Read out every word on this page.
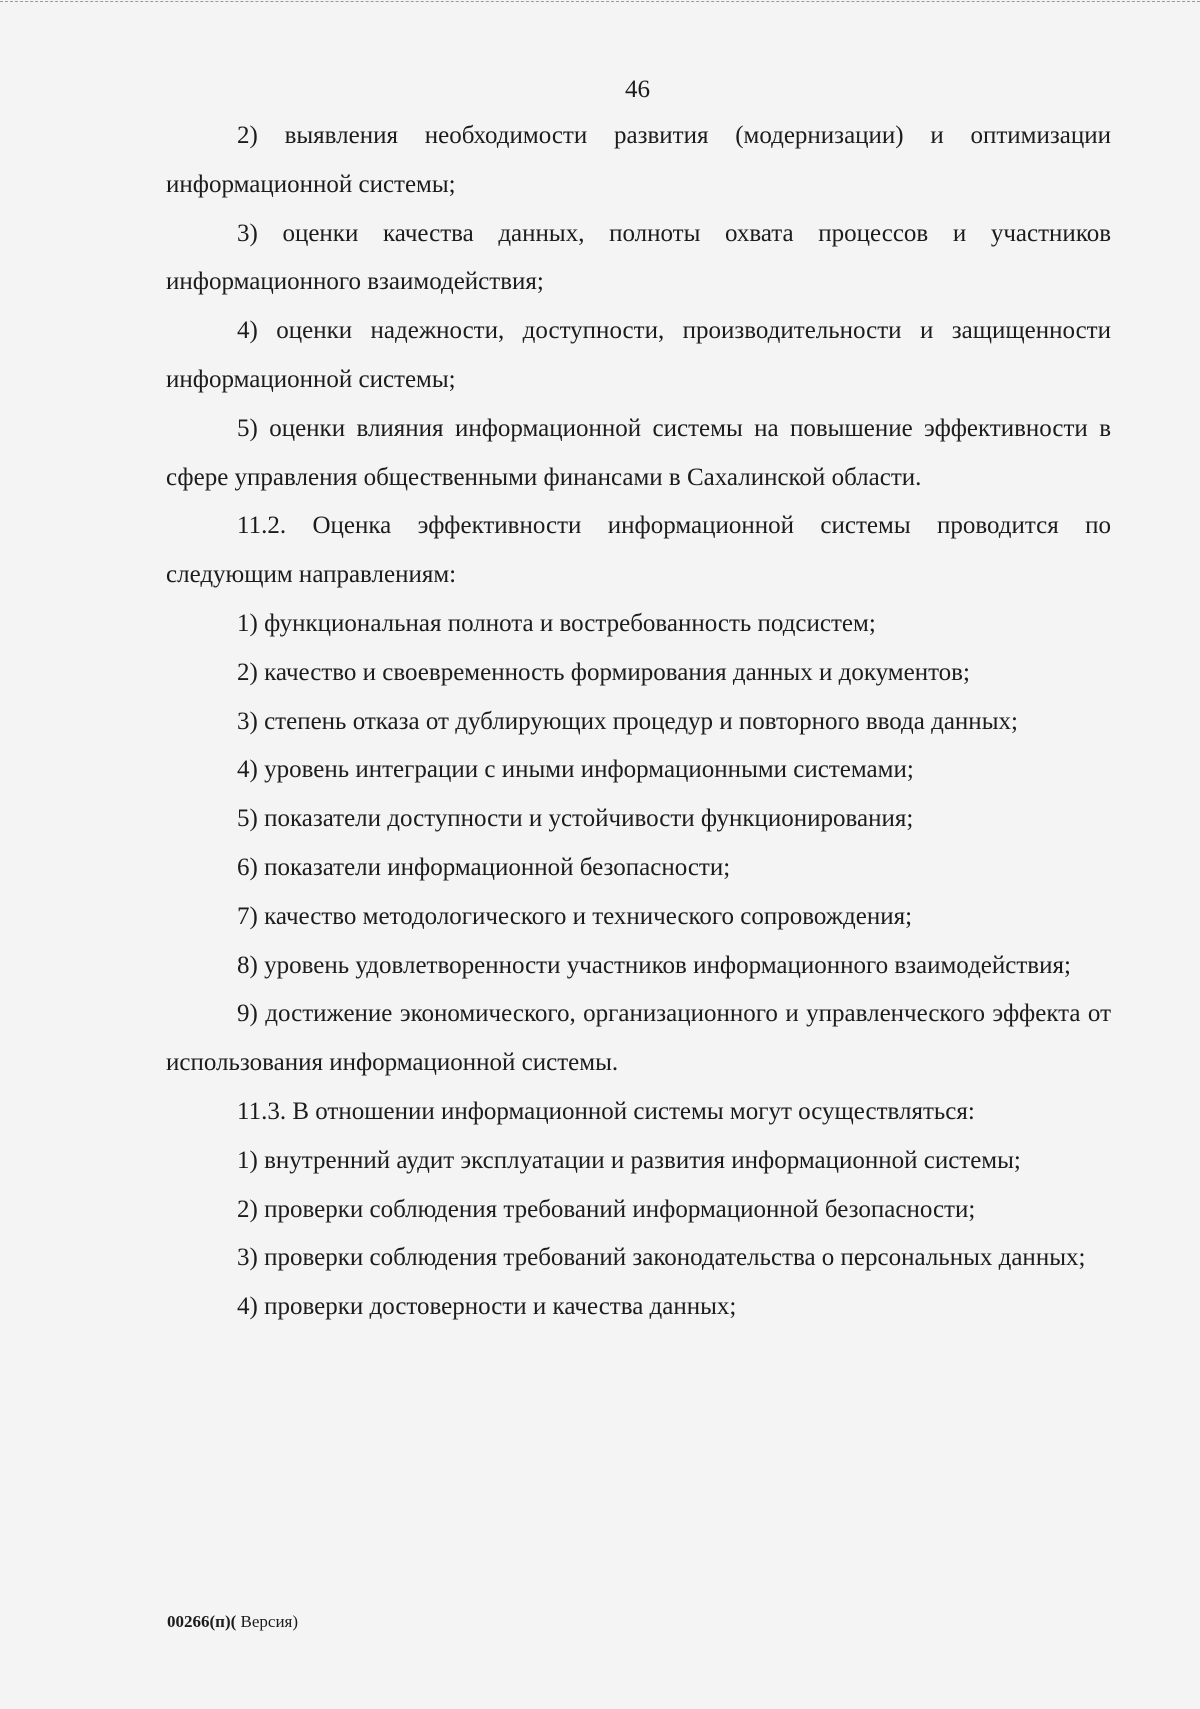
46

2) выявления необходимости развития (модернизации) и оптимизации информационной системы;

3) оценки качества данных, полноты охвата процессов и участников информационного взаимодействия;

4) оценки надежности, доступности, производительности и защищенности информационной системы;

5) оценки влияния информационной системы на повышение эффективности в сфере управления общественными финансами в Сахалинской области.

11.2. Оценка эффективности информационной системы проводится по следующим направлениям:

1) функциональная полнота и востребованность подсистем;

2) качество и своевременность формирования данных и документов;

3) степень отказа от дублирующих процедур и повторного ввода данных;

4) уровень интеграции с иными информационными системами;

5) показатели доступности и устойчивости функционирования;

6) показатели информационной безопасности;

7) качество методологического и технического сопровождения;

8) уровень удовлетворенности участников информационного взаимодействия;

9) достижение экономического, организационного и управленческого эффекта от использования информационной системы.

11.3. В отношении информационной системы могут осуществляться:

1) внутренний аудит эксплуатации и развития информационной системы;

2) проверки соблюдения требований информационной безопасности;

3) проверки соблюдения требований законодательства о персональных данных;

4) проверки достоверности и качества данных;

00266(п)( Версия)
